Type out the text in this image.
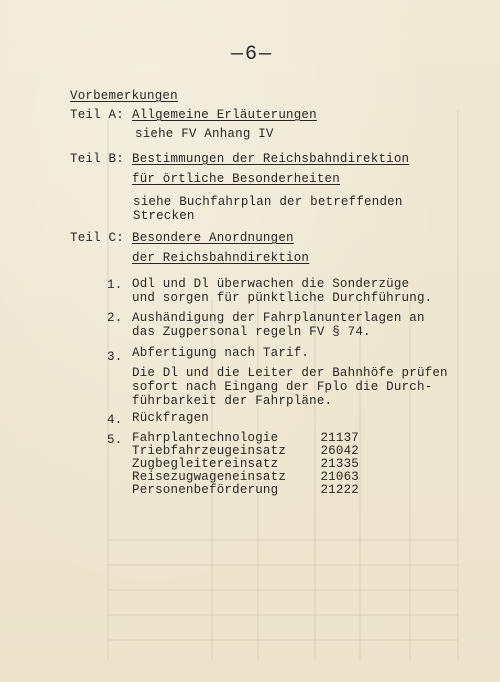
—6—
Vorbemerkungen
Teil A: Allgemeine Erläuterungen
siehe FV Anhang IV
Teil B: Bestimmungen der Reichsbahndirektion
für örtliche Besonderheiten
siehe Buchfahrplan der betreffenden
Strecken
Teil C: Besondere Anordnungen
der Reichsbahndirektion
1. Odl und Dl überwachen die Sonderzüge
und sorgen für pünktliche Durchführung.
2. Aushändigung der Fahrplanunterlagen an
das Zugpersonal regeln FV § 74.
3. Abfertigung nach Tarif.
Die Dl und die Leiter der Bahnhöfe prüfen
sofort nach Eingang der Fplo die Durch-
führbarkeit der Fahrpläne.
4. Rückfragen
5. Fahrplantechnologie	21137
Triebfahrzeugeinsatz	26042
Zugbegleitereinsatz	21335
Reisezugwageneinsatz	21063
Personenbeförderung	21222
